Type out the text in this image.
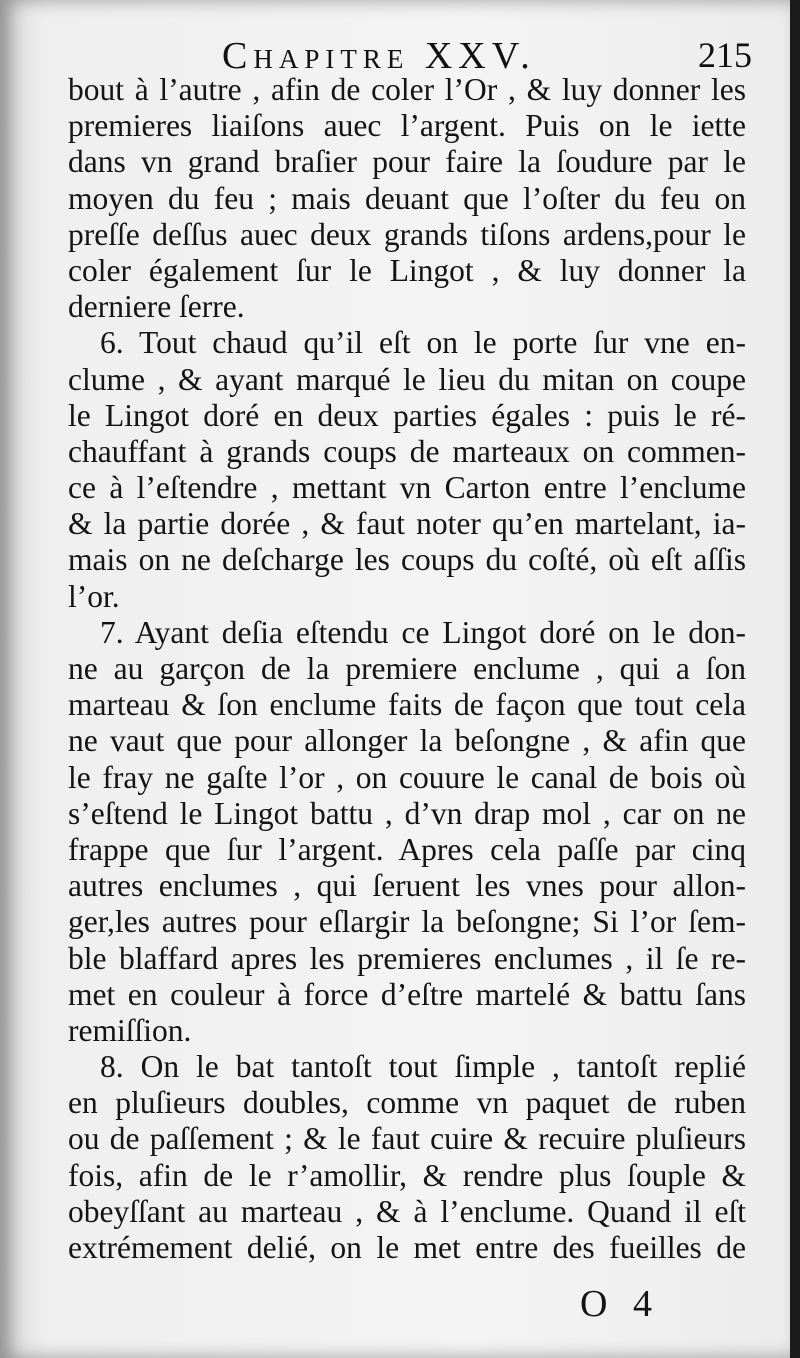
Chapitre XXV.	215
bout à l’autre , afin de coler l’Or , & luy donner les
premieres liaiſons auec l’argent. Puis on le iette
dans vn grand braſier pour faire la ſoudure par le
moyen du feu ; mais deuant que l’oſter du feu on
preſſe deſſus auec deux grands tiſons ardens,pour le
coler également ſur le Lingot , & luy donner la
derniere ſerre.
6. Tout chaud qu’il eſt on le porte ſur vne en-
clume , & ayant marqué le lieu du mitan on coupe
le Lingot doré en deux parties égales : puis le ré-
chauffant à grands coups de marteaux on commen-
ce à l’eſtendre , mettant vn Carton entre l’enclume
& la partie dorée , & faut noter qu’en martelant, ia-
mais on ne deſcharge les coups du coſté, où eſt aſſis
l’or.
7. Ayant deſia eſtendu ce Lingot doré on le don-
ne au garçon de la premiere enclume , qui a ſon
marteau & ſon enclume faits de façon que tout cela
ne vaut que pour allonger la beſongne , & afin que
le fray ne gaſte l’or , on couure le canal de bois où
s’eſtend le Lingot battu , d’vn drap mol , car on ne
frappe que ſur l’argent. Apres cela paſſe par cinq
autres enclumes , qui ſeruent les vnes pour allon-
ger,les autres pour eſlargir la beſongne; Si l’or ſem-
ble blaffard apres les premieres enclumes , il ſe re-
met en couleur à force d’eſtre martelé & battu ſans
remiſſion.
8. On le bat tantoſt tout ſimple , tantoſt replié
en pluſieurs doubles, comme vn paquet de ruben
ou de paſſement ; & le faut cuire & recuire pluſieurs
fois, afin de le r’amollir, & rendre plus ſouple &
obeyſſant au marteau , & à l’enclume. Quand il eſt
extrémement delié, on le met entre des fueilles de
O 4
